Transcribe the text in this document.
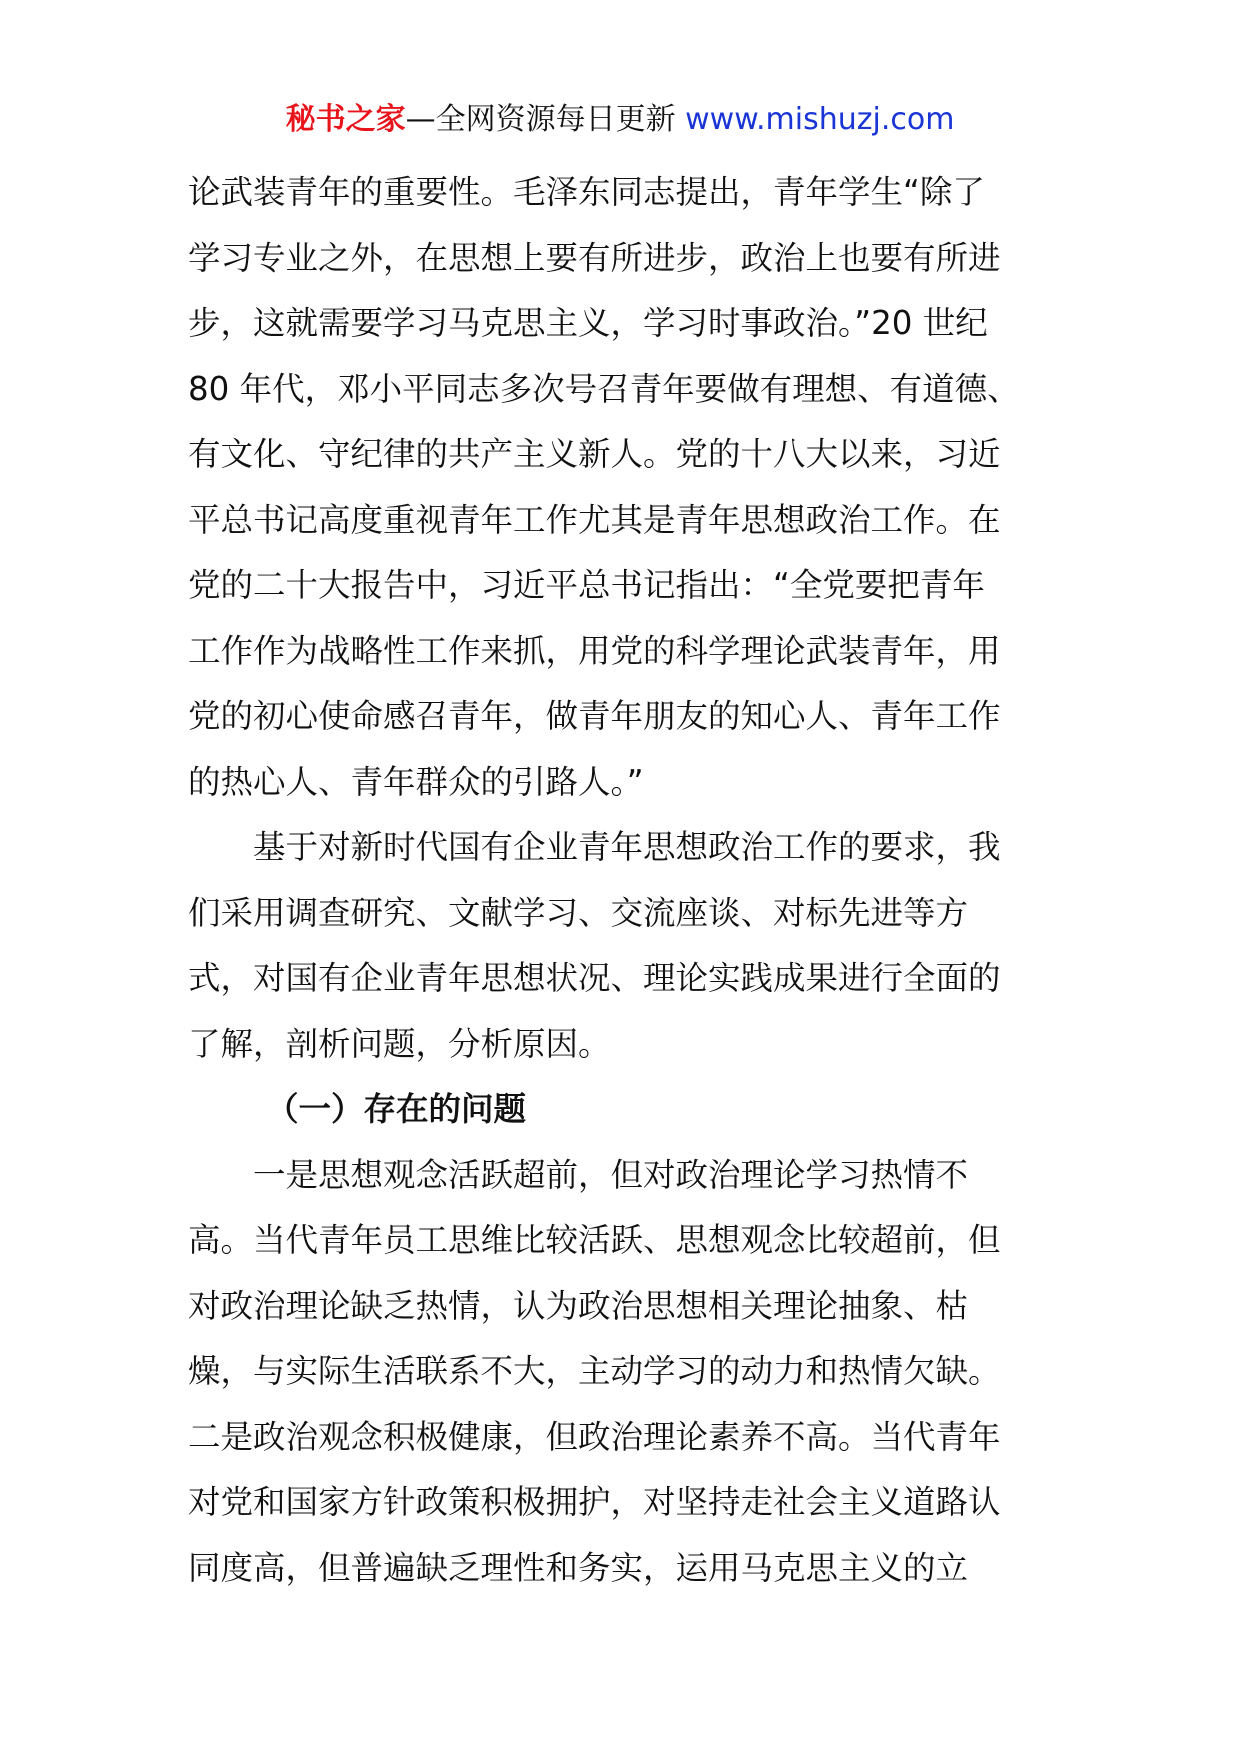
秘书之家—全网资源每日更新 www.mishuzj.com
论武装青年的重要性。毛泽东同志提出，青年学生“除了
学习专业之外，在思想上要有所进步，政治上也要有所进
步，这就需要学习马克思主义，学习时事政治。”20 世纪
80 年代，邓小平同志多次号召青年要做有理想、有道德、
有文化、守纪律的共产主义新人。党的十八大以来，习近
平总书记高度重视青年工作尤其是青年思想政治工作。在
党的二十大报告中，习近平总书记指出：“全党要把青年
工作作为战略性工作来抓，用党的科学理论武装青年，用
党的初心使命感召青年，做青年朋友的知心人、青年工作
的热心人、青年群众的引路人。”
　　基于对新时代国有企业青年思想政治工作的要求，我
们采用调查研究、文献学习、交流座谈、对标先进等方
式，对国有企业青年思想状况、理论实践成果进行全面的
了解，剖析问题，分析原因。
（一）存在的问题
　　一是思想观念活跃超前，但对政治理论学习热情不
高。当代青年员工思维比较活跃、思想观念比较超前，但
对政治理论缺乏热情，认为政治思想相关理论抽象、枯
燥，与实际生活联系不大，主动学习的动力和热情欠缺。
二是政治观念积极健康，但政治理论素养不高。当代青年
对党和国家方针政策积极拥护，对坚持走社会主义道路认
同度高，但普遍缺乏理性和务实，运用马克思主义的立
